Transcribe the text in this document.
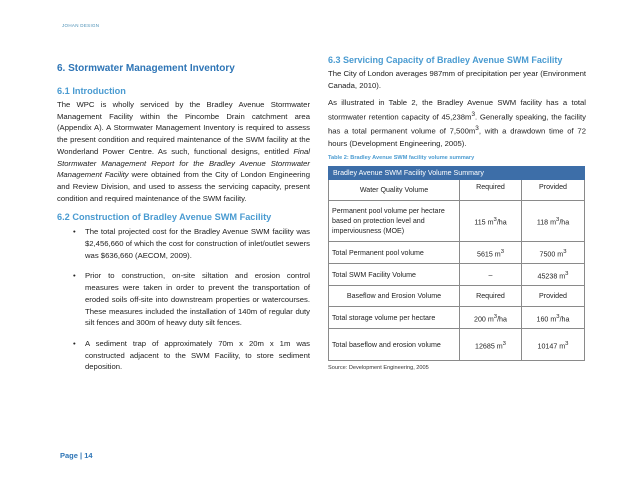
JOHAN DESIGN
6. Stormwater Management Inventory
6.1 Introduction

The WPC is wholly serviced by the Bradley Avenue Stormwater Management Facility within the Pincombe Drain catchment area (Appendix A). A Stormwater Management Inventory is required to assess the present condition and required maintenance of the SWM facility at the Wonderland Power Centre. As such, functional designs, entitled Final Stormwater Management Report for the Bradley Avenue Stormwater Management Facility were obtained from the City of London Engineering and Review Division, and used to assess the servicing capacity, present condition and required maintenance of the SWM facility.

6.2 Construction of Bradley Avenue SWM Facility
• The total projected cost for the Bradley Avenue SWM facility was $2,456,660 of which the cost for construction of inlet/outlet sewers was $636,660 (AECOM, 2009).
• Prior to construction, on-site siltation and erosion control measures were taken in order to prevent the transportation of eroded soils off-site into downstream properties or watercourses. These measures included the installation of 140m of regular duty silt fences and 300m of heavy duty silt fences.
• A sediment trap of approximately 70m x 20m x 1m was constructed adjacent to the SWM Facility, to store sediment deposition.
6.3 Servicing Capacity of Bradley Avenue SWM Facility

The City of London averages 987mm of precipitation per year (Environment Canada, 2010).

As illustrated in Table 2, the Bradley Avenue SWM facility has a total stormwater retention capacity of $45,238m^3$. Generally speaking, the facility has a total permanent volume of $7,500m^3$, with a drawdown time of 72 hours (Development Engineering, 2005).

Table 2: Bradley Avenue SWM facility volume summary
Bradley Avenue SWM Facility Volume Summary		
Water Quality Volume	Required	Provided
Permanent pool volume per hectare based on protection level and imperviousness (MOE)	115 $m^3/ha$	118 $m^3/ha$
Total Permanent pool volume	5615 $m^3$	7500 $m^3$
Total SWM Facility Volume	–	45238 $m^3$
Baseflow and Erosion Volume	Required	Provided
Total storage volume per hectare	200 $m^3/ha$	160 $m^3/ha$
Total baseflow and erosion volume	12685 $m^3$	10147 $m^3$
Source: Development Engineering, 2005
Page | 14
